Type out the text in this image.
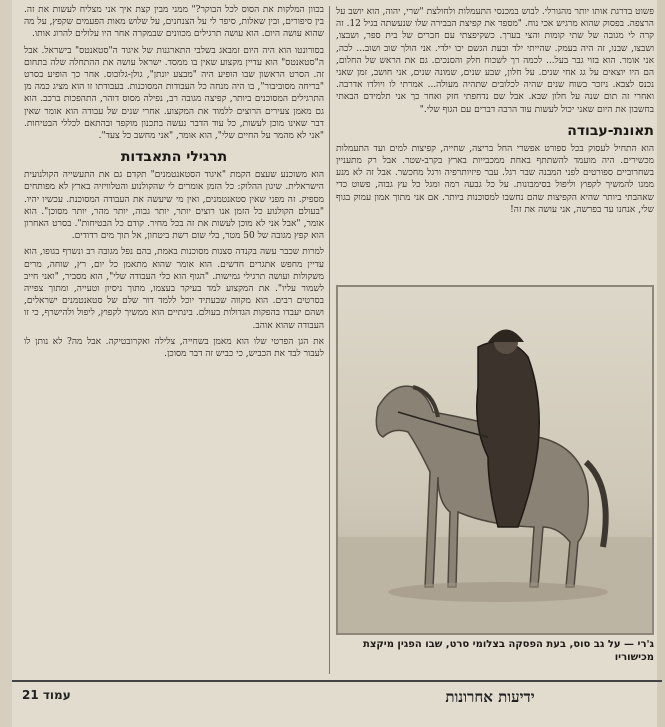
פשוט בדרגת אותו יותר מהגורלי. לבוש במכנסי התעמלות ולחולצת "שרי, יהוה, הוא יושב על הרצפה. בפסוק שהוא מרגיש אכי נוח. "מספר את קפיצת הבבירה שלו שנעשתה בגיל 12. זה קרה לי מגובה של שתי קומות והצי בערך. כשקיפצתי עם חברים של בית ספר, ושבצו, ושבצו, שבנו, זה היה בעמק. שהייתי ילד ובעת הגשם יכו ילדי. אני הולך שוב ושוב... לכה, אני אומר. הוא בזוי גבר בעל... לכמה רך לשכוח חלק והסנכים. גם את הראש של החלום, הם היו יוצאים על גג אחי שנים. על חלון, שבע שנים, שמונה שנים, אני חושב, זמן שאני נכנס לצבא. ניזכר בשוח שנים שהיה לכלובים שתהיה מעולה... אמרתי לו ויולדו אדרבה. ואחרי זה תום שנה על חלון שבא. אבל שם נדחפתי חזק ואחר כך אני תלמידם הבאתי בחשבון את היום שאני יכול לעשות עוד הרבה דברים עם הגוף שלי."

תאונת-עבודה

הוא התחיל לעסוק בכל ספורט אפשרי החל בריצה, שחייה, קפיצות למים ועד התעמלות מכשירים. היה מועמד להשתתף באחת ממכבייות בארץ בקרב-שטר. אבל רק מתעניין בשחרוביים ספורטים לפני המבנה שבר רגל. עבר פיזיותרפיה ורגל מחכשר. אבל זה לא מנע ממנו להמשיך לקפוץ וליפול בסימבונות. על כל גבעה רמה ומגל כל עץ גבוה, פשוט כדי שאהבתי ביותר שהיא הקפיצות שהם נחשבו למסוכנות ביותר. אם אני מתוך אמון עמוק בגוף שלי, אנחנו עד בפרשה, אני עושה את זה!

ג'רי — על גב סוס, בעת הפסקה בצלומי סרט, שבו הפגין מיקצת מכישוריו

בכוון המלקות את הסוס לכל הבוקר?" ממני מבין קצת איך אני מצליח לעשות את זה. בין סיפורים, ובין שאלות, סיפר לי על הצנחנים, על שלוש מאות הפעמים שקפץ, על מה שהוא עושה היום. הוא עושה תרגילים מכוונים שבמקרה אחר היו עלולים להרוג אותו.

בסורונטו הוא היה היום זמבאג בשלבי התארגנות של איגוד ה"סטאנטס" בישראל. אבל ה"סטאנטס" הוא עדיין מקצוע שאין בו ממסד. ישראל עושה את ההתחלה שלה בתחום זה. הסרט הראשון שבו הופיע היה "מבצע יונתן", גולן-גלובוס. אחר כך הופיע בסרט "בריחה מסוביבור", בו היה מנחה כל העבודות המסוכנות. בעבודתו זו הוא מציג כמה מן התרגילים המסוכנים ביותר, קפיצה מגובה רב, נפילה מסוס דוהר, התהפכות ברכב. הוא גם מאמן צעירים הרוצים ללמוד את המקצוע. אחרי שנים של עבודה הוא אומר שאין דבר שאינו מוכן לעשות, כל עוד הדבר נעשה בתכנון מוקפד ובהתאם לכללי הבטיחות. "אני לא מהמר על החיים שלי", הוא אומר, "אני מחשב כל צעד".

תרגילי התאבדות

הוא משוכנע שעצם הקמת "איגוד הסטאנטמנים" תקדם גם את התעשייה הקולנועית הישראלית. שיגון ההלוק: כל הזמן אומרים לי שהקולנוע והטלוויזיה בארץ לא מפותחים מספיק. זה מפני שאין סטאנטמנים, ואין מי שיעשה את העבודה המסוכנת. עכשיו יהיו. "בעולם הקולנוע כל הזמן אנו רוצים יותר, יותר גבוה, יותר מהר, יותר מסוכן". הוא אומר, "אבל אני לא מוכן לעשות את זה בכל מחיר. קודם כל הבטיחות". בסרט האחרון הוא קפץ מגובה של 50 מטר, בלי שום רשת ביטחון, אל תוך מים רדודים.

למרות שכבר עשה בקנדה סצנות מסוכנות באמת, בהם נפל מגובה רב ונשרף בגופו, הוא עדיין מחפש אתגרים חדשים. הוא אומר שהוא מתאמן כל יום, רץ, שוחה, מרים משקולות ועושה תרגילי גמישות. "הגוף הוא כלי העבודה שלי", הוא מסביר, "ואני חייב לשמור עליו". את המקצוע למד בעיקר בעצמו, מתוך ניסיון וטעייה, ומתוך צפייה בסרטים רבים. הוא מקווה שבעתיד יוכל ללמד דור שלם של סטאנטמנים ישראלים, ושהם יעבדו בהפקות הגדולות בעולם. בינתיים הוא ממשיך לקפוץ, ליפול ולהישרף, כי זו העבודה שהוא אוהב.

את הגן הפרטי שלו הוא מאמן בשחייה, צלילה ואקרובטיקה. אבל מה? לא נותן לו לעבור לבד את הכביש, כי כביש זה דבר מסוכן.

ידיעות אחרונות
עמוד 21
